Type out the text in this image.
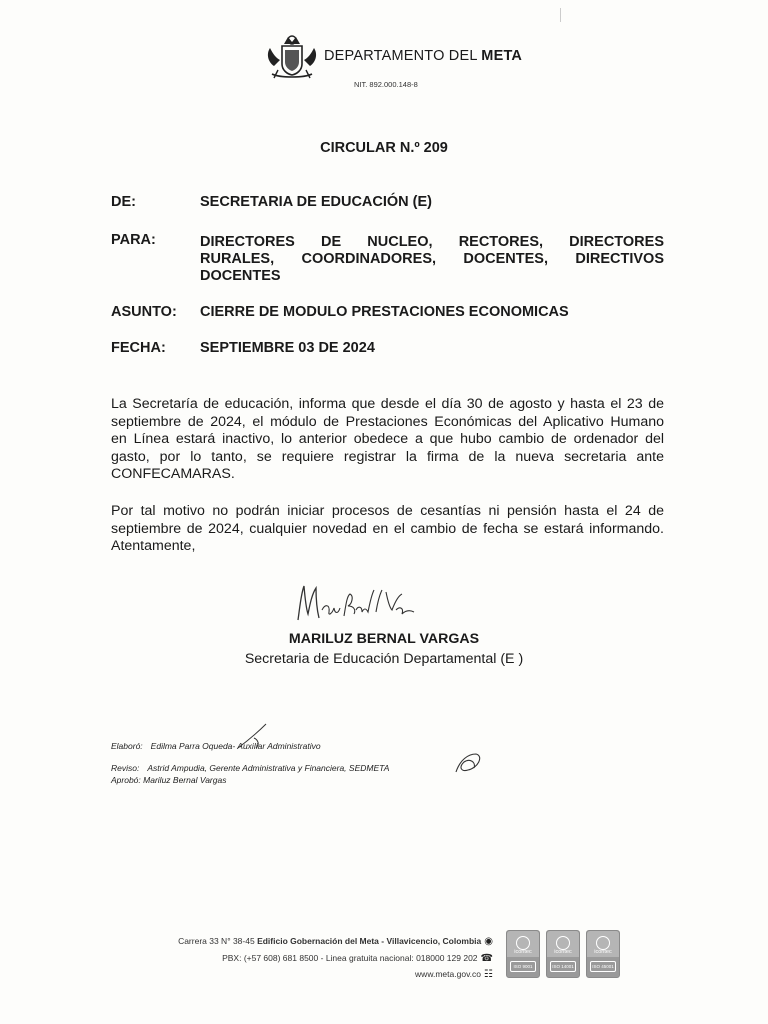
DEPARTAMENTO DEL META
NIT. 892.000.148-8
CIRCULAR N.º 209
DE:	SECRETARIA DE EDUCACIÓN (E)
PARA:	DIRECTORES DE NUCLEO, RECTORES, DIRECTORES
RURALES, COORDINADORES, DOCENTES, DIRECTIVOS
DOCENTES
ASUNTO: CIERRE DE MODULO PRESTACIONES ECONOMICAS
FECHA: SEPTIEMBRE 03 DE 2024
La Secretaría de educación, informa que desde el día 30 de agosto y hasta el 23 de
septiembre de 2024, el módulo de Prestaciones Económicas del Aplicativo Humano
en Línea estará inactivo, lo anterior obedece a que hubo cambio de ordenador del
gasto, por lo tanto, se requiere registrar la firma de la nueva secretaria ante
CONFECAMARAS.
Por tal motivo no podrán iniciar procesos de cesantías ni pensión hasta el 24 de
septiembre de 2024, cualquier novedad en el cambio de fecha se estará informando.
Atentamente,
MARILUZ BERNAL VARGAS
Secretaria de Educación Departamental (E )
Elaboró: Edilma Parra Oqueda- Auxiliar Administrativo
Reviso: Astrid Ampudia, Gerente Administrativa y Financiera, SEDMETA
Aprobó: Mariluz Bernal Vargas
Carrera 33 N° 38-45 Edificio Gobernación del Meta - Villavicencio, Colombia ◉
PBX: (+57 608) 681 8500 - Linea gratuita nacional: 018000 129 202 ☎
www.meta.gov.co ☷
icontec
ISO 9001
icontec
ISO 14001
icontec
ISO 45001
